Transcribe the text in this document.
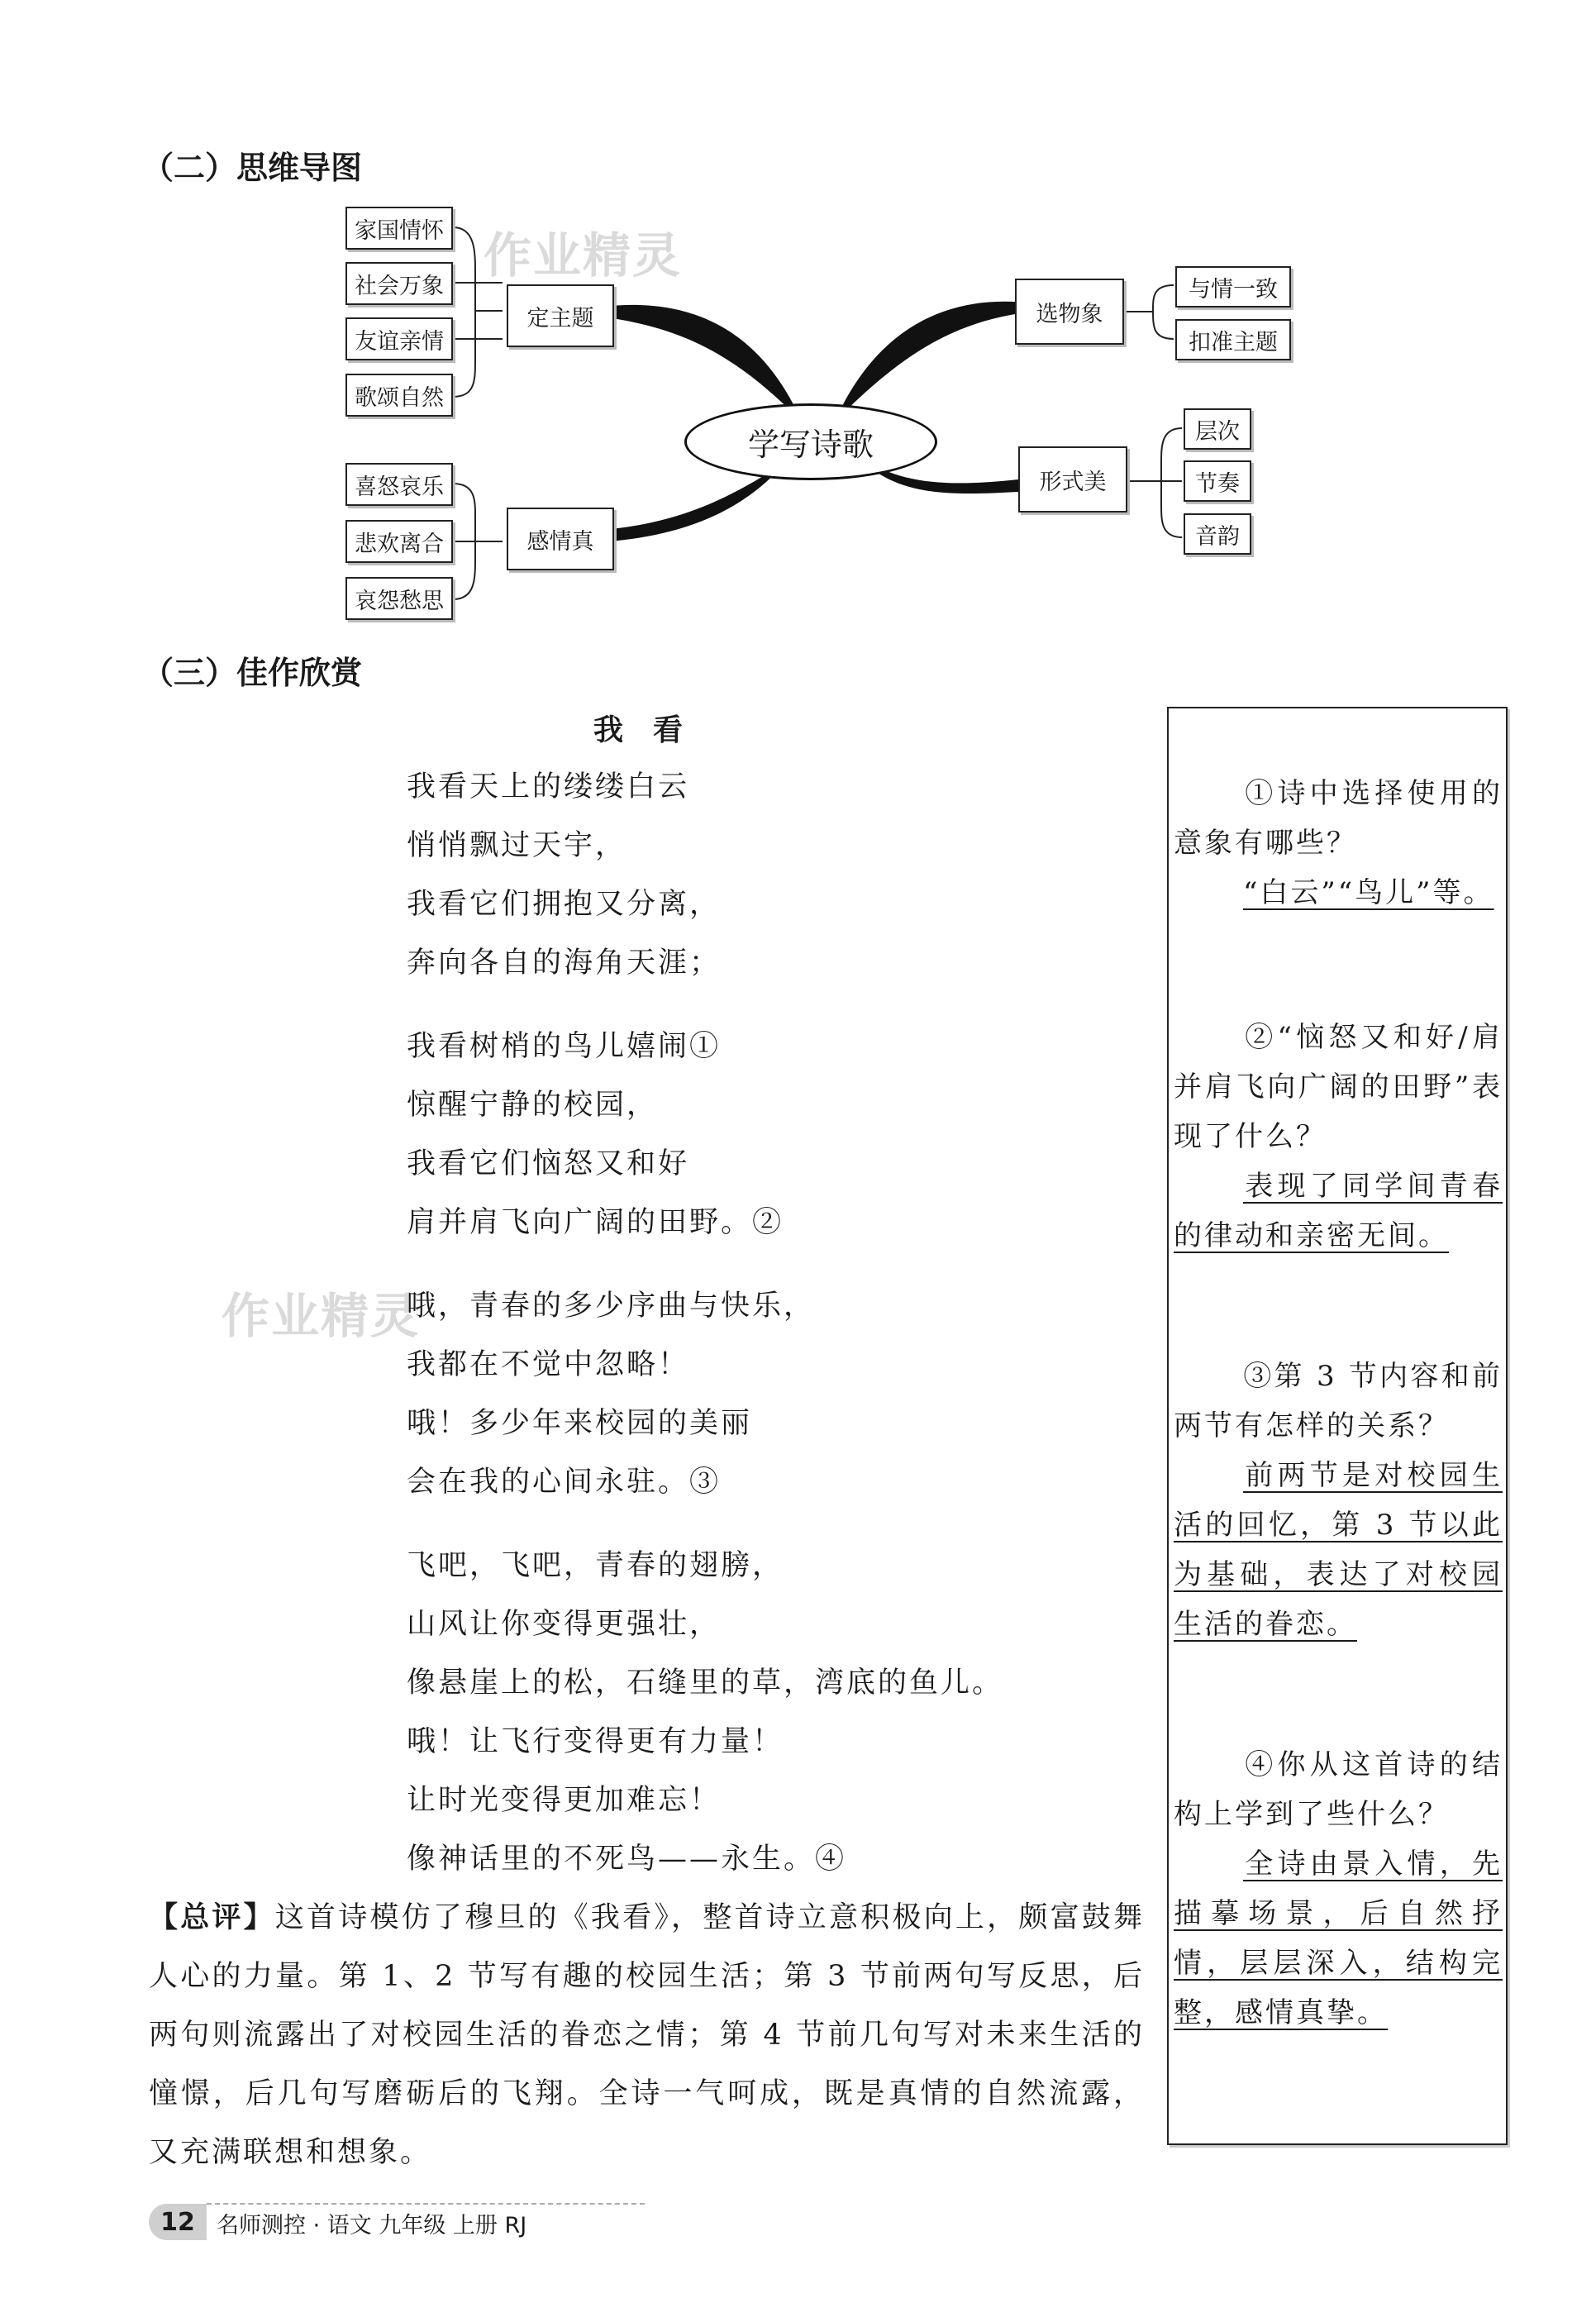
（二）思维导图
（三）佳作欣赏
学写诗歌
定主题
家国情怀
社会万象
友谊亲情
歌颂自然
感情真
喜怒哀乐
悲欢离合
哀怨愁思
选物象
与情一致
扣准主题
形式美
层次
节奏
音韵
作业精灵
作业精灵
我看
我看天上的缕缕白云
悄悄飘过天宇，
我看它们拥抱又分离，
奔向各自的海角天涯；
我看树梢的鸟儿嬉闹①
惊醒宁静的校园，
我看它们恼怒又和好
肩并肩飞向广阔的田野。②
哦，青春的多少序曲与快乐，
我都在不觉中忽略！
哦！多少年来校园的美丽
会在我的心间永驻。③
飞吧，飞吧，青春的翅膀，
山风让你变得更强壮，
像悬崖上的松，石缝里的草，湾底的鱼儿。
哦！让飞行变得更有力量！
让时光变得更加难忘！
像神话里的不死鸟——永生。④
①诗中选择使用的意象有哪些？
“白云”“鸟儿”等。
②“恼怒又和好/肩并肩飞向广阔的田野”表现了什么？
表现了同学间青春的律动和亲密无间。
③第 3 节内容和前两节有怎样的关系？
前两节是对校园生活的回忆，第 3 节以此为基础，表达了对校园生活的眷恋。
④你从这首诗的结构上学到了些什么？
全诗由景入情，先描摹场景，后自然抒情，层层深入，结构完整，感情真挚。
【总评】这首诗模仿了穆旦的《我看》，整首诗立意积极向上，颇富鼓舞人心的力量。第 1、2 节写有趣的校园生活；第 3 节前两句写反思，后两句则流露出了对校园生活的眷恋之情；第 4 节前几句写对未来生活的憧憬，后几句写磨砺后的飞翔。全诗一气呵成，既是真情的自然流露，又充满联想和想象。
12 名师测控 · 语文 九年级 上册 RJ
